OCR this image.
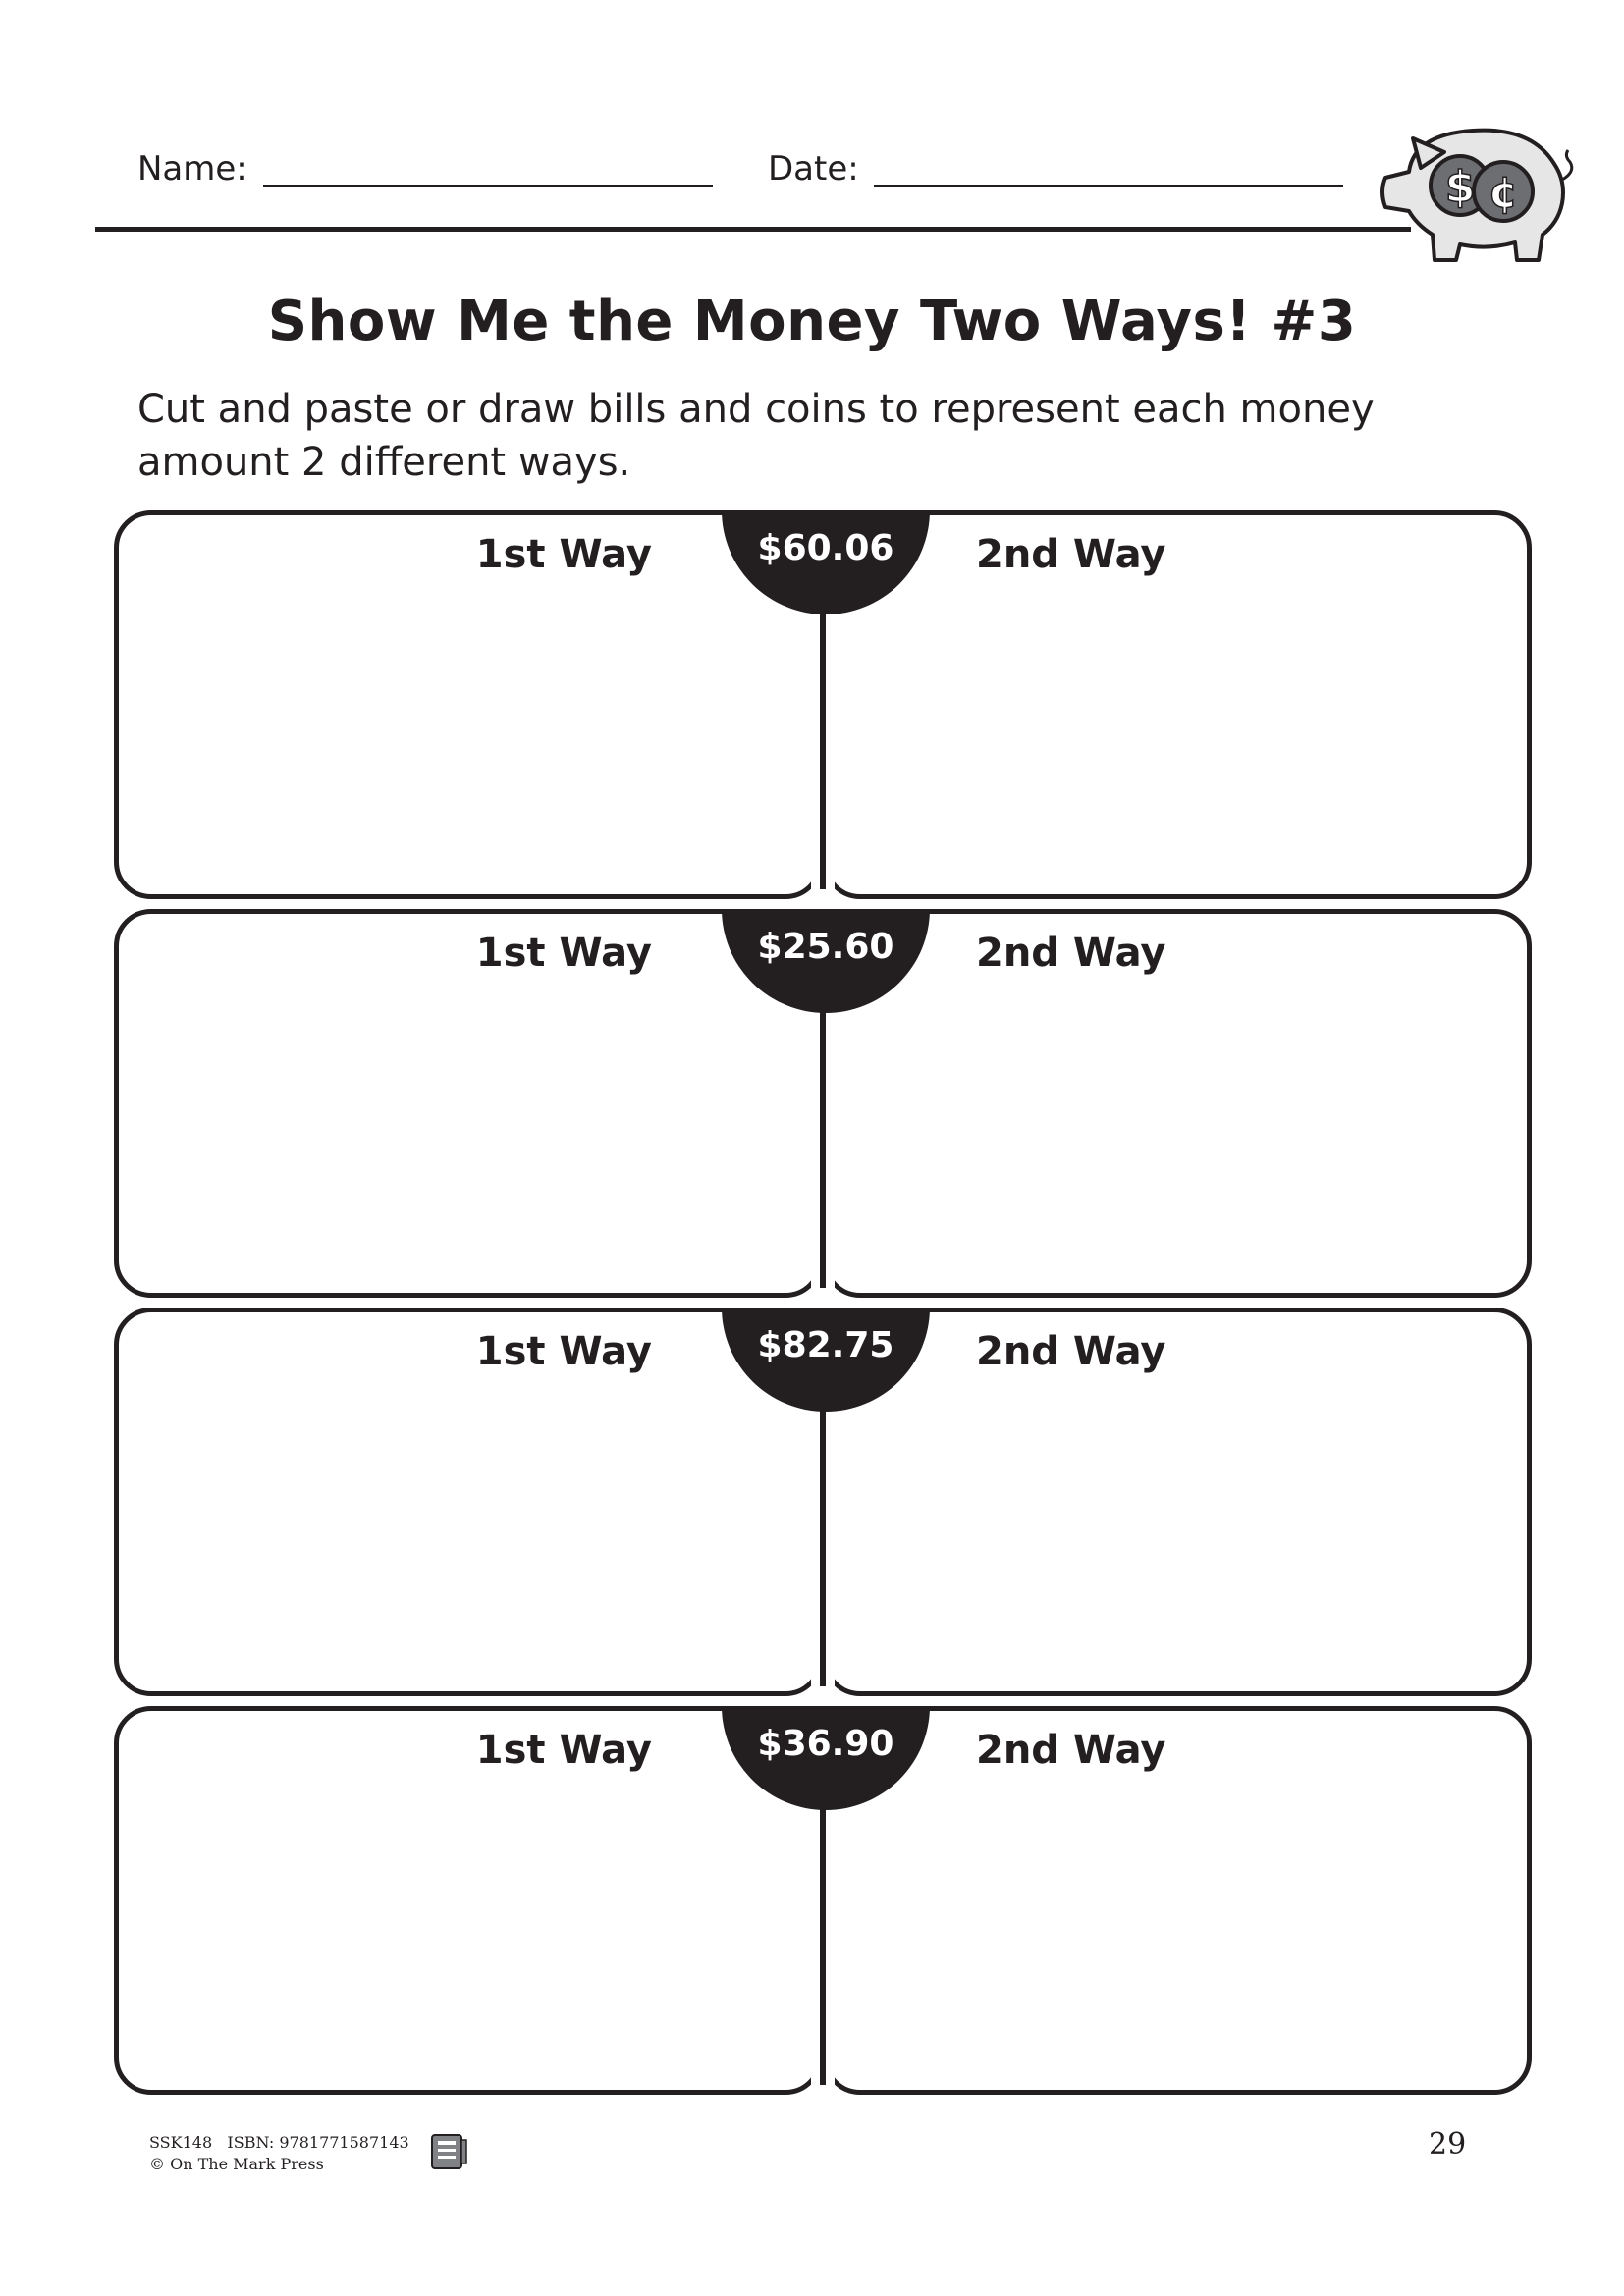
Name:	Date:	$ ¢
Show Me the Money Two Ways! #3
Cut and paste or draw bills and coins to represent each money amount 2 different ways.
$60.06
1st Way	2nd Way
$25.60
1st Way	2nd Way
$82.75
1st Way	2nd Way
$36.90
1st Way	2nd Way
SSK148 ISBN: 9781771587143
© On The Mark Press
29
